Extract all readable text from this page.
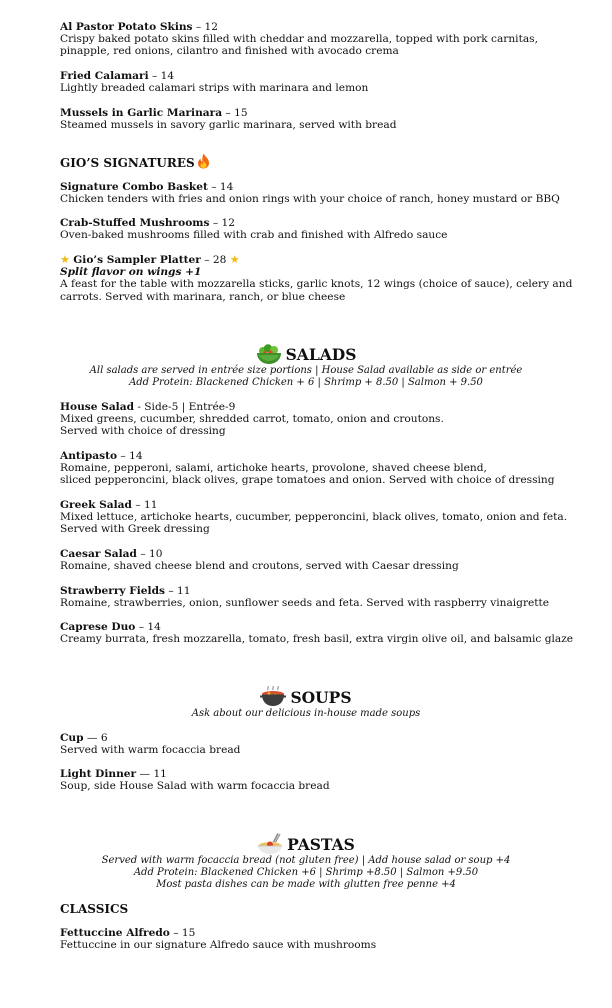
Al Pastor Potato Skins – 12
Crispy baked potato skins filled with cheddar and mozzarella, topped with pork carnitas,
pinapple, red onions, cilantro and finished with avocado crema
Fried Calamari – 14
Lightly breaded calamari strips with marinara and lemon
Mussels in Garlic Marinara – 15
Steamed mussels in savory garlic marinara, served with bread
GIO’S SIGNATURES
Signature Combo Basket – 14
Chicken tenders with fries and onion rings with your choice of ranch, honey mustard or BBQ
Crab-Stuffed Mushrooms – 12
Oven-baked mushrooms filled with crab and finished with Alfredo sauce
★ Gio’s Sampler Platter – 28 ★
Split flavor on wings +1
A feast for the table with mozzarella sticks, garlic knots, 12 wings (choice of sauce), celery and
carrots. Served with marinara, ranch, or blue cheese
SALADS
All salads are served in entrée size portions | House Salad available as side or entrée
Add Protein: Blackened Chicken + 6 | Shrimp + 8.50 | Salmon + 9.50
House Salad - Side-5 | Entrée-9
Mixed greens, cucumber, shredded carrot, tomato, onion and croutons.
Served with choice of dressing
Antipasto – 14
Romaine, pepperoni, salami, artichoke hearts, provolone, shaved cheese blend,
sliced pepperoncini, black olives, grape tomatoes and onion. Served with choice of dressing
Greek Salad – 11
Mixed lettuce, artichoke hearts, cucumber, pepperoncini, black olives, tomato, onion and feta.
Served with Greek dressing
Caesar Salad – 10
Romaine, shaved cheese blend and croutons, served with Caesar dressing
Strawberry Fields – 11
Romaine, strawberries, onion, sunflower seeds and feta. Served with raspberry vinaigrette
Caprese Duo – 14
Creamy burrata, fresh mozzarella, tomato, fresh basil, extra virgin olive oil, and balsamic glaze
SOUPS
Ask about our delicious in-house made soups
Cup — 6
Served with warm focaccia bread
Light Dinner — 11
Soup, side House Salad with warm focaccia bread
PASTAS
Served with warm focaccia bread (not gluten free) | Add house salad or soup +4
Add Protein: Blackened Chicken +6 | Shrimp +8.50 | Salmon +9.50
Most pasta dishes can be made with glutten free penne +4
CLASSICS
Fettuccine Alfredo – 15
Fettuccine in our signature Alfredo sauce with mushrooms
